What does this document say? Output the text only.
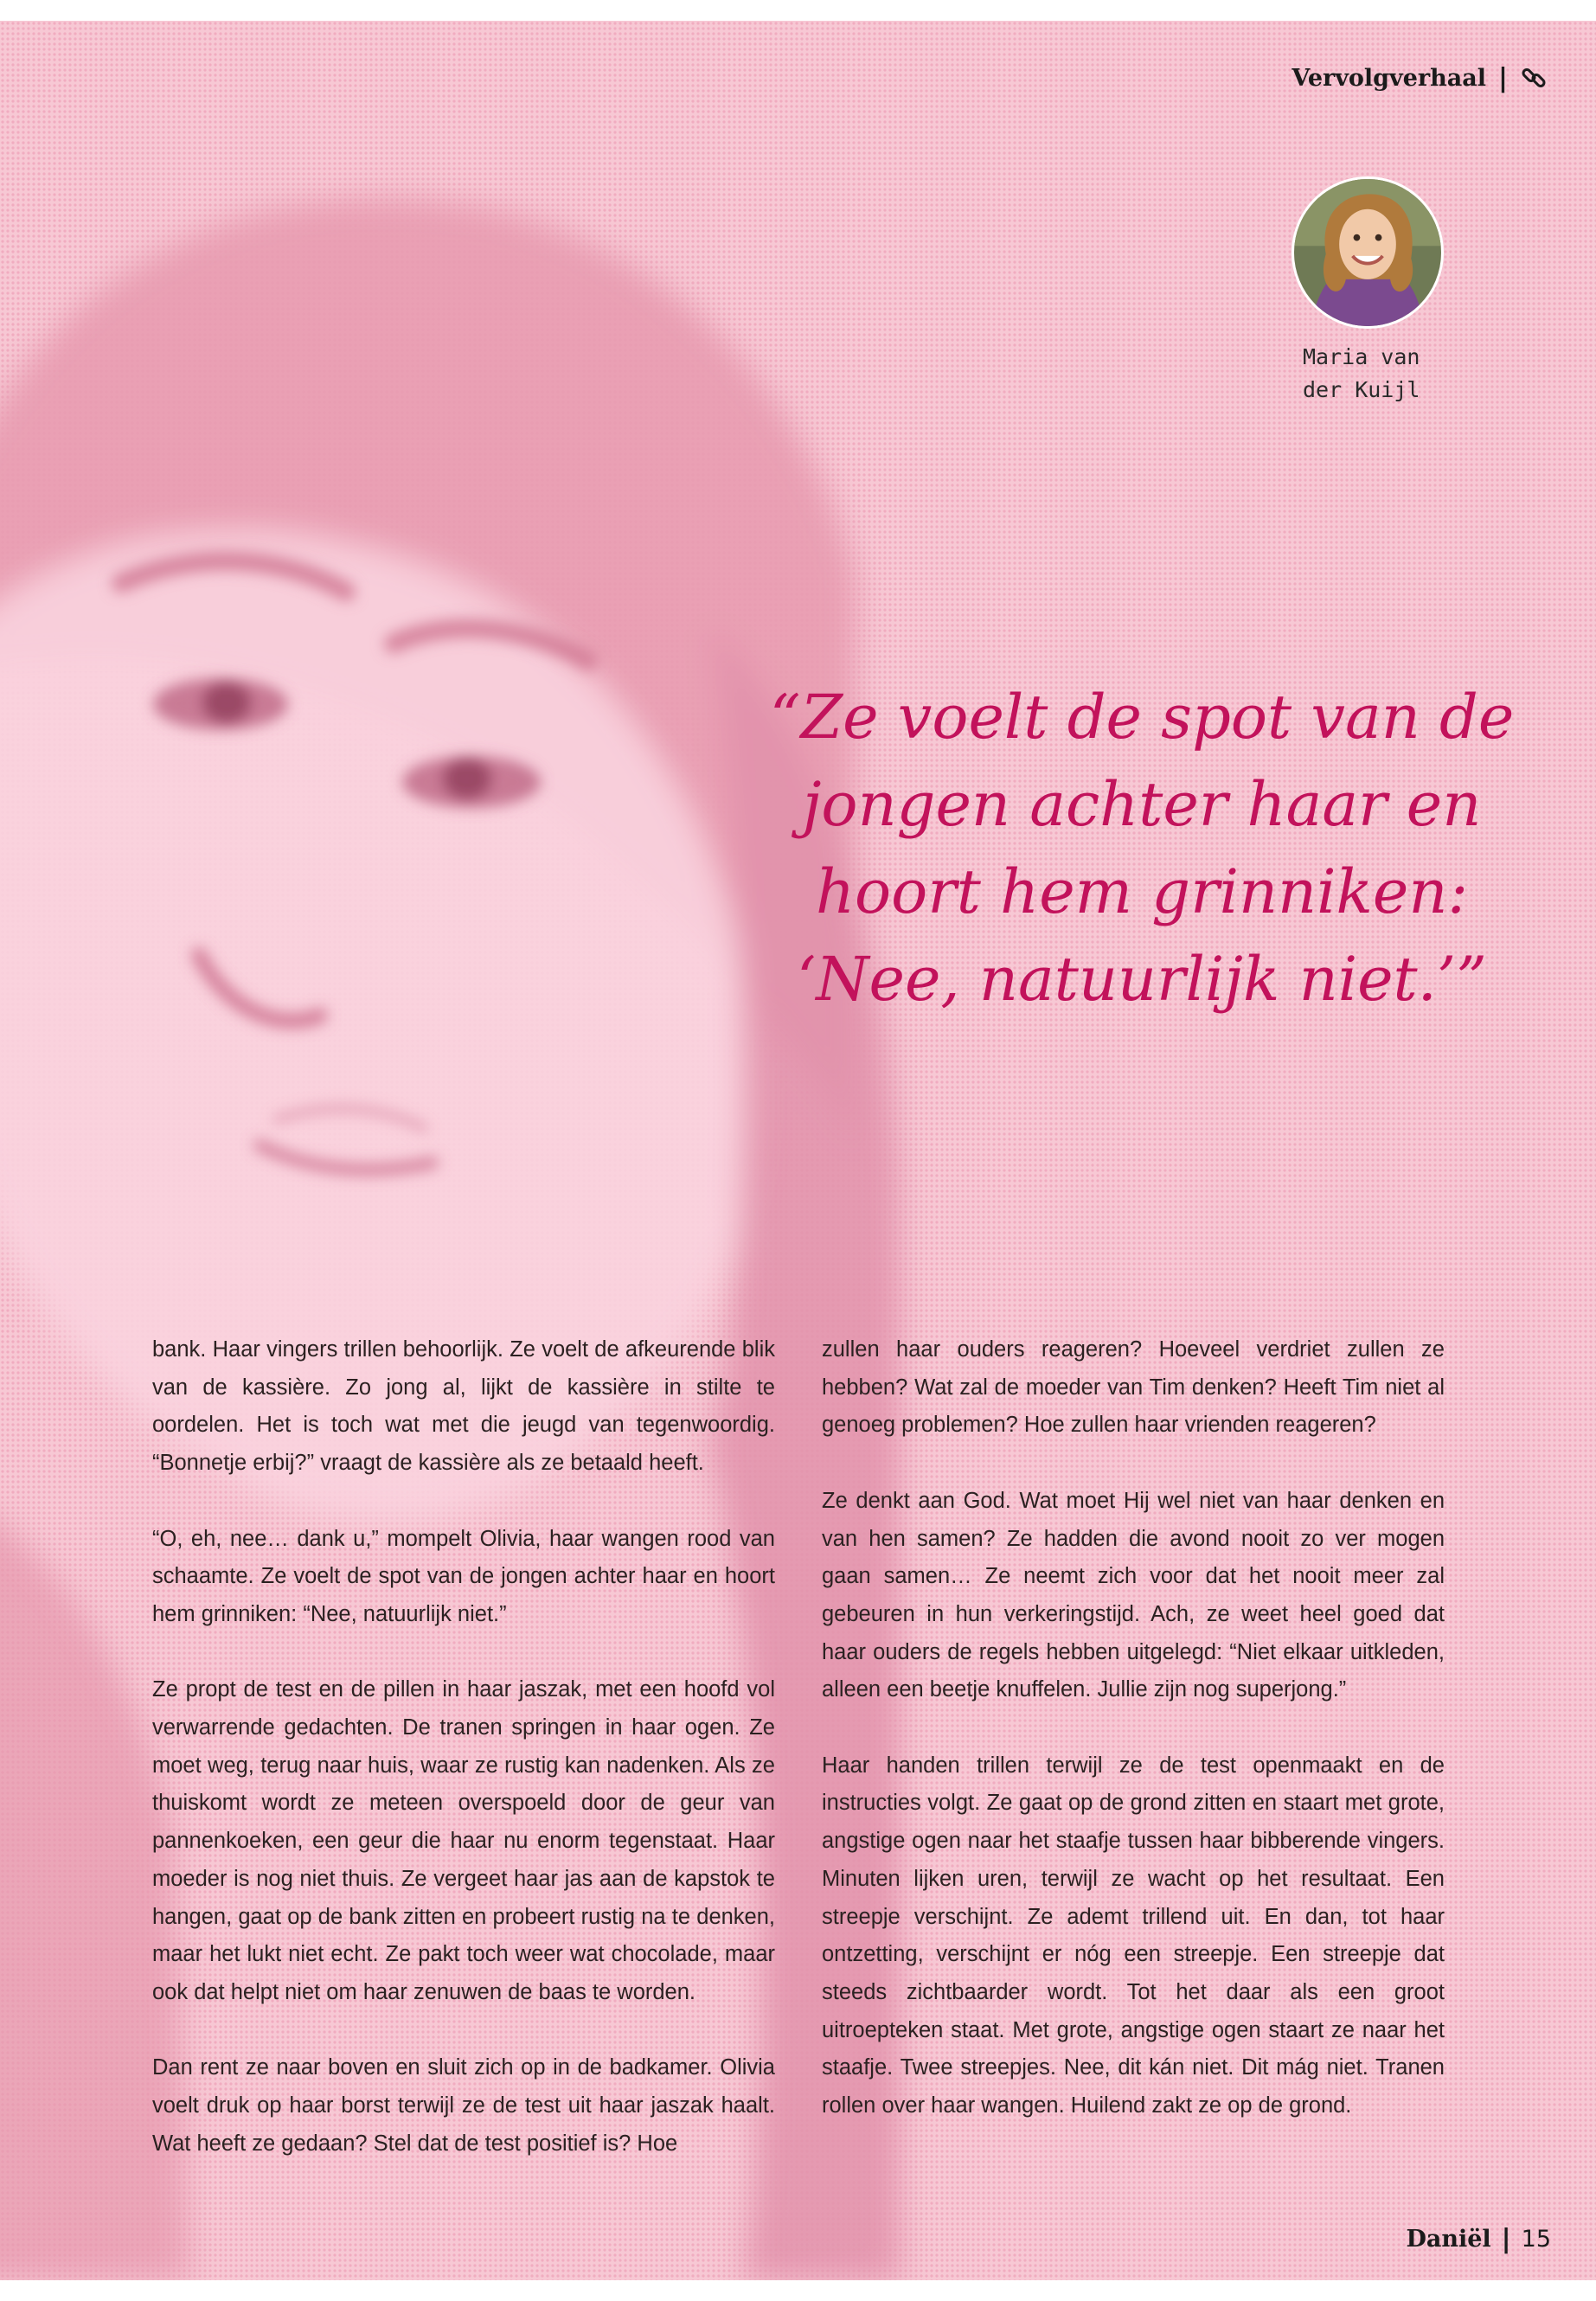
Vervolgverhaal |
Maria van
der Kuijl
“Ze voelt de spot van de jongen achter haar en hoort hem grinniken: ‘Nee, natuurlijk niet.’”

bank. Haar vingers trillen behoorlijk. Ze voelt de afkeurende blik van de kassière. Zo jong al, lijkt de kassière in stilte te oordelen. Het is toch wat met die jeugd van tegenwoordig. “Bonnetje erbij?” vraagt de kassière als ze betaald heeft.

“O, eh, nee… dank u,” mompelt Olivia, haar wangen rood van schaamte. Ze voelt de spot van de jongen achter haar en hoort hem grinniken: “Nee, natuurlijk niet.”

Ze propt de test en de pillen in haar jaszak, met een hoofd vol verwarrende gedachten. De tranen springen in haar ogen. Ze moet weg, terug naar huis, waar ze rustig kan nadenken. Als ze thuiskomt wordt ze meteen overspoeld door de geur van pannenkoeken, een geur die haar nu enorm tegenstaat. Haar moeder is nog niet thuis. Ze vergeet haar jas aan de kapstok te hangen, gaat op de bank zitten en probeert rustig na te denken, maar het lukt niet echt. Ze pakt toch weer wat chocolade, maar ook dat helpt niet om haar zenuwen de baas te worden.

Dan rent ze naar boven en sluit zich op in de badkamer. Olivia voelt druk op haar borst terwijl ze de test uit haar jaszak haalt. Wat heeft ze gedaan? Stel dat de test positief is? Hoe

zullen haar ouders reageren? Hoeveel verdriet zullen ze hebben? Wat zal de moeder van Tim denken? Heeft Tim niet al genoeg problemen? Hoe zullen haar vrienden reageren?

Ze denkt aan God. Wat moet Hij wel niet van haar denken en van hen samen? Ze hadden die avond nooit zo ver mogen gaan samen… Ze neemt zich voor dat het nooit meer zal gebeuren in hun verkeringstijd. Ach, ze weet heel goed dat haar ouders de regels hebben uitgelegd: “Niet elkaar uitkleden, alleen een beetje knuffelen. Jullie zijn nog superjong.”

Haar handen trillen terwijl ze de test openmaakt en de instructies volgt. Ze gaat op de grond zitten en staart met grote, angstige ogen naar het staafje tussen haar bibberende vingers. Minuten lijken uren, terwijl ze wacht op het resultaat. Een streepje verschijnt. Ze ademt trillend uit. En dan, tot haar ontzetting, verschijnt er nóg een streepje. Een streepje dat steeds zichtbaarder wordt. Tot het daar als een groot uitroepteken staat. Met grote, angstige ogen staart ze naar het staafje. Twee streepjes. Nee, dit kán niet. Dit mág niet. Tranen rollen over haar wangen. Huilend zakt ze op de grond.

Daniël | 15
